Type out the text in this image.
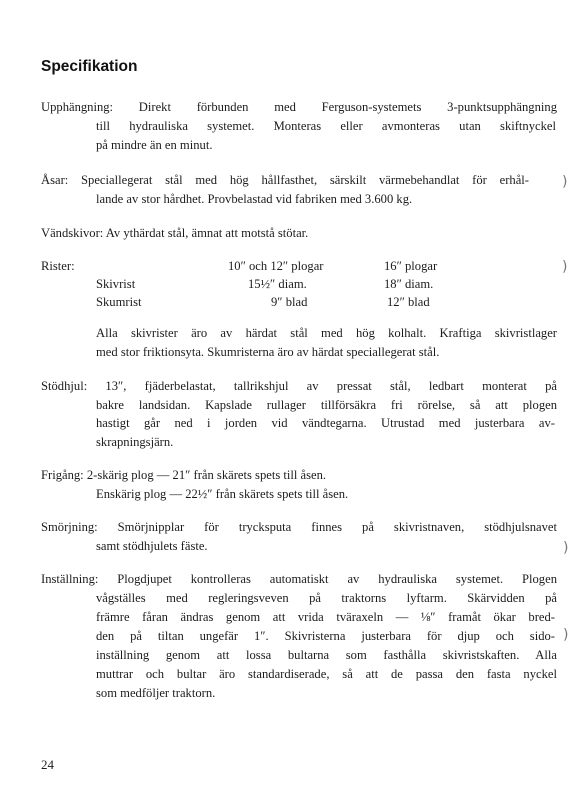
Specifikation
Upphängning: Direkt förbunden med Ferguson-systemets 3-punktsupphängning
till hydrauliska systemet. Monteras eller avmonteras utan skiftnyckel
på mindre än en minut.
Åsar: Speciallegerat stål med hög hållfasthet, särskilt värmebehandlat för erhål-
lande av stor hårdhet. Provbelastad vid fabriken med 3.600 kg.
Vändskivor: Av ythärdat stål, ämnat att motstå stötar.
Rister:	10″ och 12″ plogar	16″ plogar
Skivrist	15½″ diam.	18″ diam.
Skumrist	9″ blad	12″ blad
Alla skivrister äro av härdat stål med hög kolhalt. Kraftiga skivristlager
med stor friktionsyta. Skumristerna äro av härdat speciallegerat stål.
Stödhjul: 13″, fjäderbelastat, tallrikshjul av pressat stål, ledbart monterat på
bakre landsidan. Kapslade rullager tillförsäkra fri rörelse, så att plogen
hastigt går ned i jorden vid vändtegarna. Utrustad med justerbara av-
skrapningsjärn.
Frigång: 2-skärig plog — 21″ från skärets spets till åsen.
Enskärig plog — 22½″ från skärets spets till åsen.
Smörjning: Smörjnipplar för trycksputa finnes på skivristnaven, stödhjulsnavet
samt stödhjulets fäste.
Inställning: Plogdjupet kontrolleras automatiskt av hydrauliska systemet. Plogen
vågställes med regleringsveven på traktorns lyftarm. Skärvidden på
främre fåran ändras genom att vrida tväraxeln — ⅛″ framåt ökar bred-
den på tiltan ungefär 1″. Skivristerna justerbara för djup och sido-
inställning genom att lossa bultarna som fasthålla skivristskaften. Alla
muttrar och bultar äro standardiserade, så att de passa den fasta nyckel
som medföljer traktorn.
24
)
)
)
)
